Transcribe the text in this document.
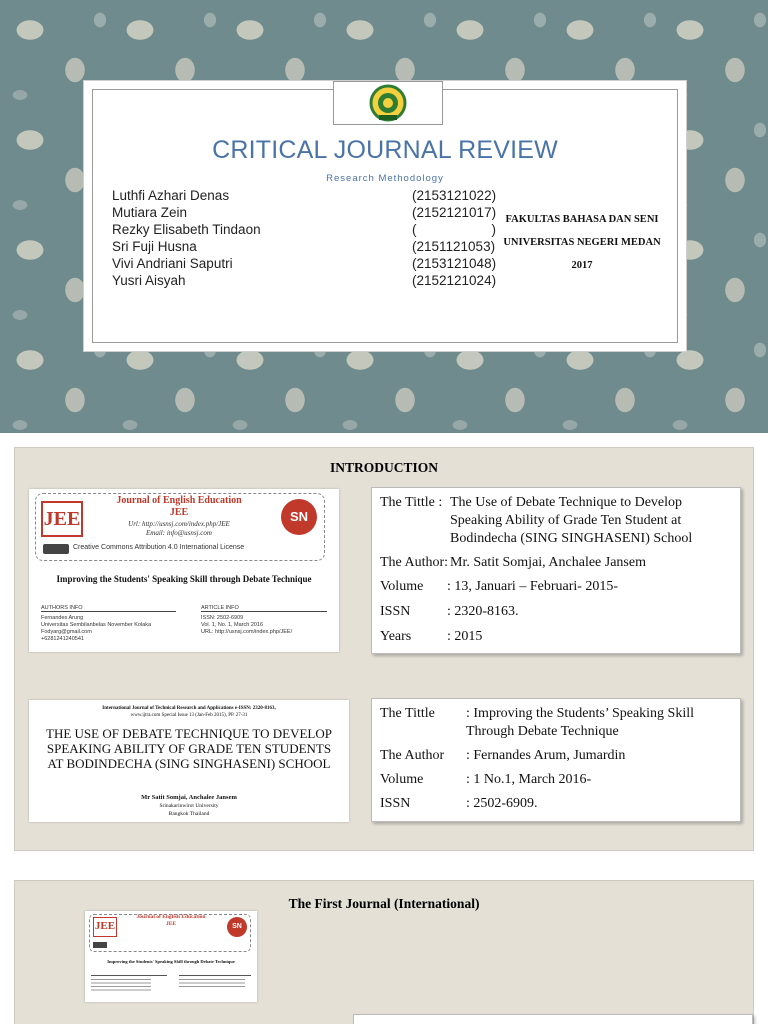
CRITICAL JOURNAL REVIEW
Research Methodology
Luthfi Azhari Denas	(2153121022)
Mutiara Zein	(2152121017)
Rezky Elisabeth Tindaon	(                    )
Sri Fuji Husna	(2151121053)
Vivi Andriani Saputri	(2153121048)
Yusri Aisyah	(2152121024)
FAKULTAS BAHASA DAN SENI
UNIVERSITAS NEGERI MEDAN
2017
INTRODUCTION
JEE
Journal of English Education
JEE
Url: http://usnsj.com/index.php/JEE
Email: info@usnsj.com
SN
Creative Commons Attribution 4.0 International License
Improving the Students' Speaking Skill through Debate Technique
AUTHORS INFO	ARTICLE INFO
Fernandes Arung
Universitas Sembilanbelas November Kolaka
Fodyarg@gmail.com
+6281241240541
ISSN: 2502-6909
Vol. 1, No. 1, March 2016
URL: http://usnsj.com/index.php/JEE/
International Journal of Technical Research and Applications e-ISSN: 2320-8163,
www.ijtra.com Special Issue 13 (Jan-Feb 2015), PP. 27-31
THE USE OF DEBATE TECHNIQUE TO DEVELOP SPEAKING ABILITY OF GRADE TEN STUDENTS AT BODINDECHA (SING SINGHASENI) SCHOOL
Mr Satit Somjai, Anchalee Jansem
Srinakarinwirot University
Bangkok Thailand
The Tittle : The Use of Debate Technique to Develop Speaking Ability of Grade Ten Student at Bodindecha (SING SINGHASENI) School
The Author: Mr. Satit Somjai, Anchalee Jansem
Volume	: 13, Januari – Februari- 2015-
ISSN	: 2320-8163.
Years	: 2015
The Tittle	: Improving the Students’ Speaking Skill Through Debate Technique
The Author	: Fernandes Arum, Jumardin
Volume	: 1 No.1, March 2016-
ISSN	: 2502-6909.
The First Journal (International)
JEE
Journal of English Education
JEE	SN
Improving the Students' Speaking Skill through Debate Technique
